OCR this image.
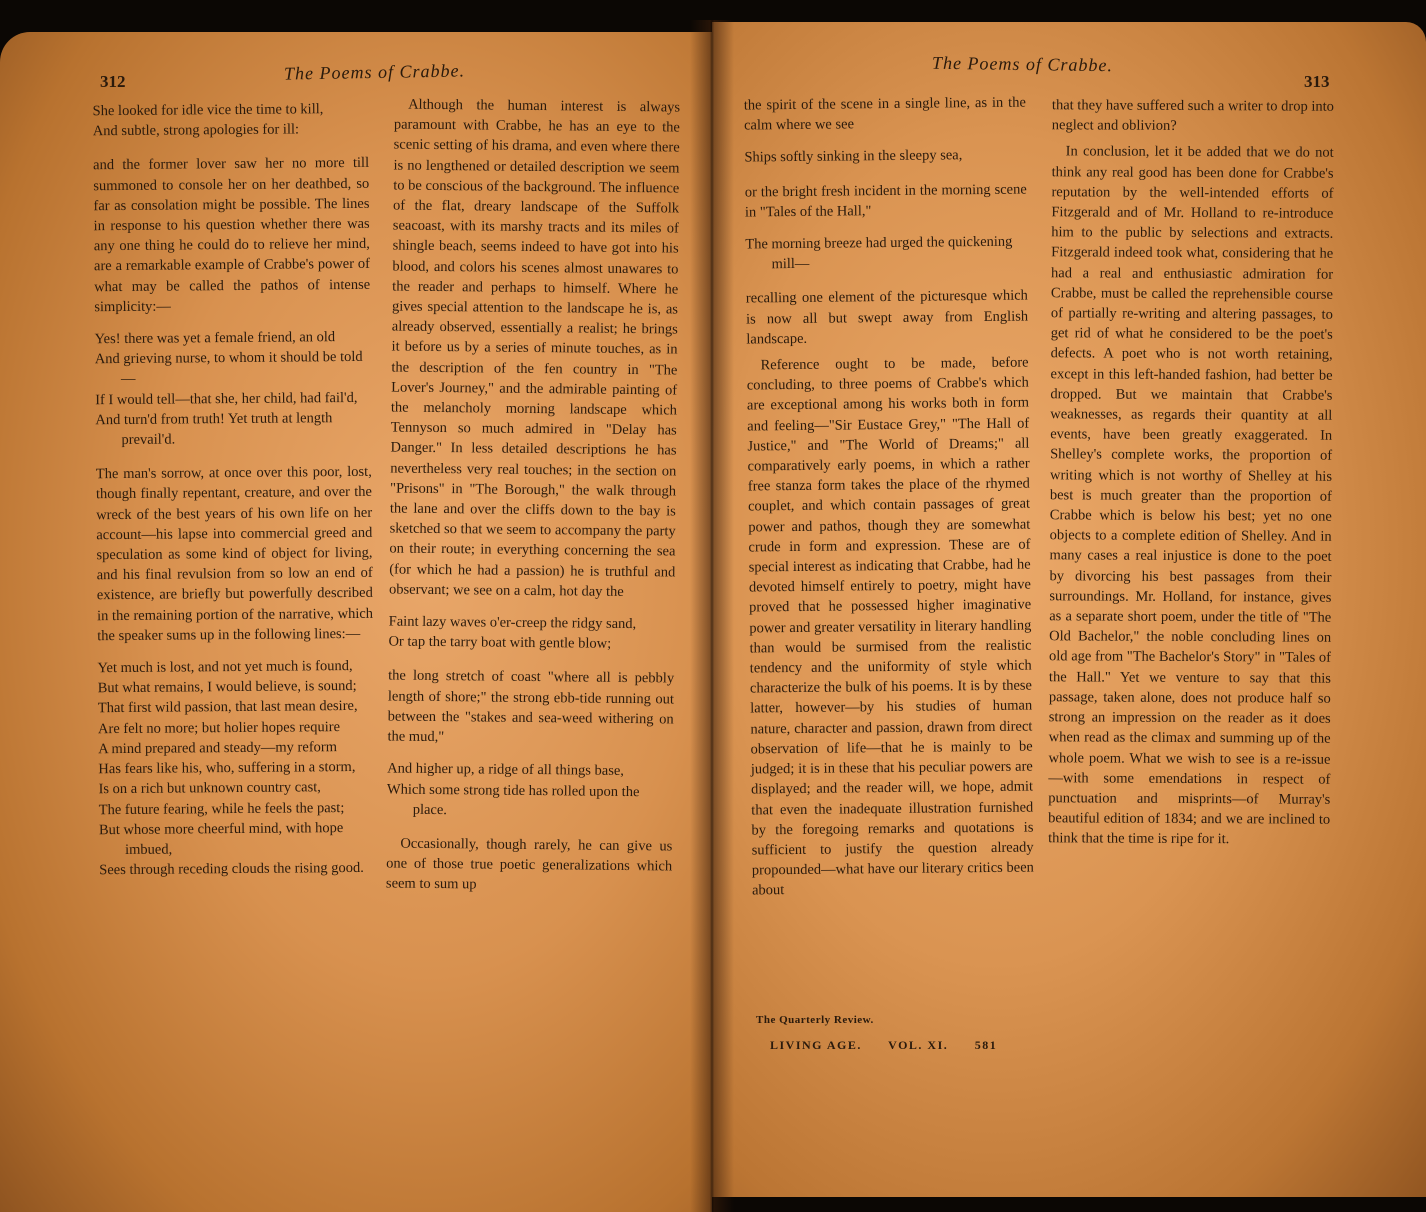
312	The Poems of Crabbe.

She looked for idle vice the time to kill,

And subtle, strong apologies for ill:

and the former lover saw her no more till summoned to console her on her deathbed, so far as consolation might be possible. The lines in response to his question whether there was any one thing he could do to relieve her mind, are a remarkable example of Crabbe's power of what may be called the pathos of intense simplicity:—

Yes! there was yet a female friend, an old

And grieving nurse, to whom it should be told—

If I would tell—that she, her child, had fail'd,

And turn'd from truth! Yet truth at length prevail'd.

The man's sorrow, at once over this poor, lost, though finally repentant, creature, and over the wreck of the best years of his own life on her account—his lapse into commercial greed and speculation as some kind of object for living, and his final revulsion from so low an end of existence, are briefly but powerfully described in the remaining portion of the narrative, which the speaker sums up in the following lines:—

Yet much is lost, and not yet much is found,

But what remains, I would believe, is sound;

That first wild passion, that last mean desire,

Are felt no more; but holier hopes require

A mind prepared and steady—my reform

Has fears like his, who, suffering in a storm,

Is on a rich but unknown country cast,

The future fearing, while he feels the past;

But whose more cheerful mind, with hope imbued,

Sees through receding clouds the rising good.

Although the human interest is always paramount with Crabbe, he has an eye to the scenic setting of his drama, and even where there is no lengthened or detailed description we seem to be conscious of the background. The influence of the flat, dreary landscape of the Suffolk seacoast, with its marshy tracts and its miles of shingle beach, seems indeed to have got into his blood, and colors his scenes almost unawares to the reader and perhaps to himself. Where he gives special attention to the landscape he is, as already observed, essentially a realist; he brings it before us by a series of minute touches, as in the description of the fen country in "The Lover's Journey," and the admirable painting of the melancholy morning landscape which Tennyson so much admired in "Delay has Danger." In less detailed descriptions he has nevertheless very real touches; in the section on "Prisons" in "The Borough," the walk through the lane and over the cliffs down to the bay is sketched so that we seem to accompany the party on their route; in everything concerning the sea (for which he had a passion) he is truthful and observant; we see on a calm, hot day the

Faint lazy waves o'er-creep the ridgy sand,

Or tap the tarry boat with gentle blow;

the long stretch of coast "where all is pebbly length of shore;" the strong ebb-tide running out between the "stakes and sea-weed withering on the mud,"

And higher up, a ridge of all things base,

Which some strong tide has rolled upon the place.

Occasionally, though rarely, he can give us one of those true poetic generalizations which seem to sum up

The Poems of Crabbe.
313

the spirit of the scene in a single line, as in the calm where we see

Ships softly sinking in the sleepy sea,

or the bright fresh incident in the morning scene in "Tales of the Hall,"

The morning breeze had urged the quickening mill—

recalling one element of the picturesque which is now all but swept away from English landscape.

Reference ought to be made, before concluding, to three poems of Crabbe's which are exceptional among his works both in form and feeling—"Sir Eustace Grey," "The Hall of Justice," and "The World of Dreams;" all comparatively early poems, in which a rather free stanza form takes the place of the rhymed couplet, and which contain passages of great power and pathos, though they are somewhat crude in form and expression. These are of special interest as indicating that Crabbe, had he devoted himself entirely to poetry, might have proved that he possessed higher imaginative power and greater versatility in literary handling than would be surmised from the realistic tendency and the uniformity of style which characterize the bulk of his poems. It is by these latter, however—by his studies of human nature, character and passion, drawn from direct observation of life—that he is mainly to be judged; it is in these that his peculiar powers are displayed; and the reader will, we hope, admit that even the inadequate illustration furnished by the foregoing remarks and quotations is sufficient to justify the question already propounded—what have our literary critics been about

that they have suffered such a writer to drop into neglect and oblivion?

In conclusion, let it be added that we do not think any real good has been done for Crabbe's reputation by the well-intended efforts of Fitzgerald and of Mr. Holland to re-introduce him to the public by selections and extracts. Fitzgerald indeed took what, considering that he had a real and enthusiastic admiration for Crabbe, must be called the reprehensible course of partially re-writing and altering passages, to get rid of what he considered to be the poet's defects. A poet who is not worth retaining, except in this left-handed fashion, had better be dropped. But we maintain that Crabbe's weaknesses, as regards their quantity at all events, have been greatly exaggerated. In Shelley's complete works, the proportion of writing which is not worthy of Shelley at his best is much greater than the proportion of Crabbe which is below his best; yet no one objects to a complete edition of Shelley. And in many cases a real injustice is done to the poet by divorcing his best passages from their surroundings. Mr. Holland, for instance, gives as a separate short poem, under the title of "The Old Bachelor," the noble concluding lines on old age from "The Bachelor's Story" in "Tales of the Hall." Yet we venture to say that this passage, taken alone, does not produce half so strong an impression on the reader as it does when read as the climax and summing up of the whole poem. What we wish to see is a re-issue—with some emendations in respect of punctuation and misprints—of Murray's beautiful edition of 1834; and we are inclined to think that the time is ripe for it.

The Quarterly Review.
LIVING AGE. VOL. XI. 581
